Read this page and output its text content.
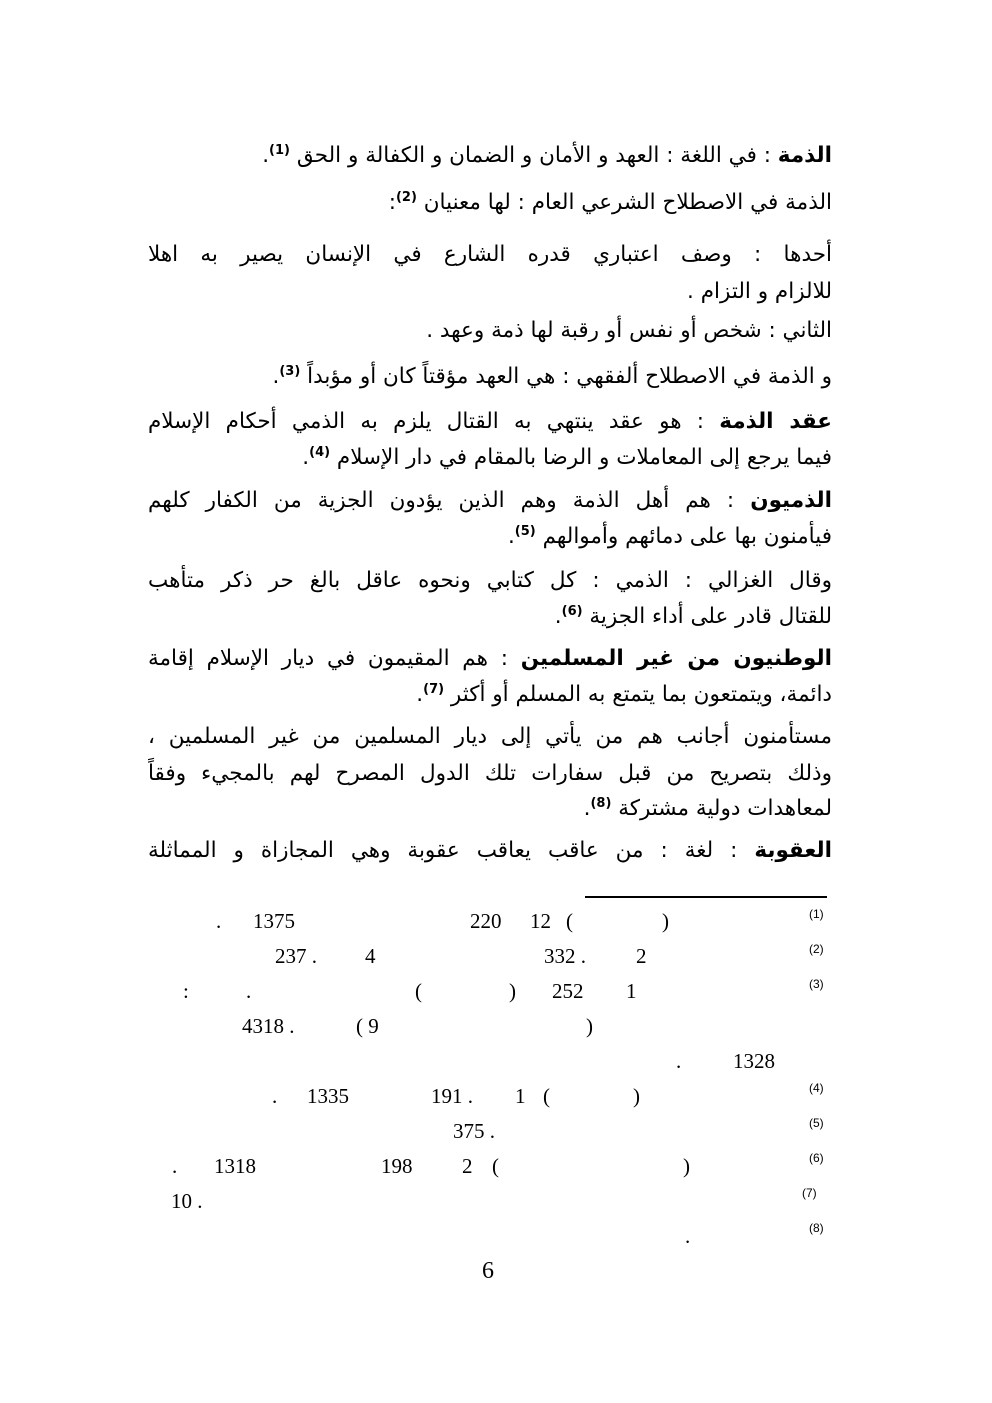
الذمة : في اللغة : العهد و الأمان و الضمان و الكفالة و الحق $^{(1)}$.
الذمة في الاصطلاح الشرعي العام : لها معنيان $^{(2)}$:
أحدها : وصف اعتباري قدره الشارع في الإنسان يصير به اهلا
للالزام و التزام .
الثاني : شخص أو نفس أو رقبة لها ذمة وعهد .
و الذمة في الاصطلاح ألفقهي : هي العهد مؤقتاً كان أو مؤبداً $^{(3)}$.
عقد الذمة : هو عقد ينتهي به القتال يلزم به الذمي أحكام الإسلام
فيما يرجع إلى المعاملات و الرضا بالمقام في دار الإسلام $^{(4)}$.
الذميون : هم أهل الذمة وهم الذين يؤدون الجزية من الكفار كلهم
فيأمنون بها على دمائهم وأموالهم $^{(5)}$.
وقال الغزالي : الذمي : كل كتابي ونحوه عاقل بالغ حر ذكر متأهب
للقتال قادر على أداء الجزية $^{(6)}$.
الوطنيون من غير المسلمين : هم المقيمون في ديار الإسلام إقامة
دائمة، ويتمتعون بما يتمتع به المسلم أو أكثر $^{(7)}$.
مستأمنون أجانب هم من يأتي إلى ديار المسلمين من غير المسلمين ،
وذلك بتصريح من قبل سفارات تلك الدول المصرح لهم بالمجيء وفقاً
لمعاهدات دولية مشتركة $^{(8)}$.
العقوبة : لغة : من عاقب يعاقب عقوبة وهي المجازاة و المماثلة
(1)
)
(
12
220
1375
.
(2)
2
332 .
4
237 .
(3)
1
252
)
(
.
:
)
( 9
4318 .
. 1328
(4)
)
(
1
191 .
1335
.
(5)
375 .
(6)
)
(
2
198
1318
.
(7)
10 .
(8)
.
6
